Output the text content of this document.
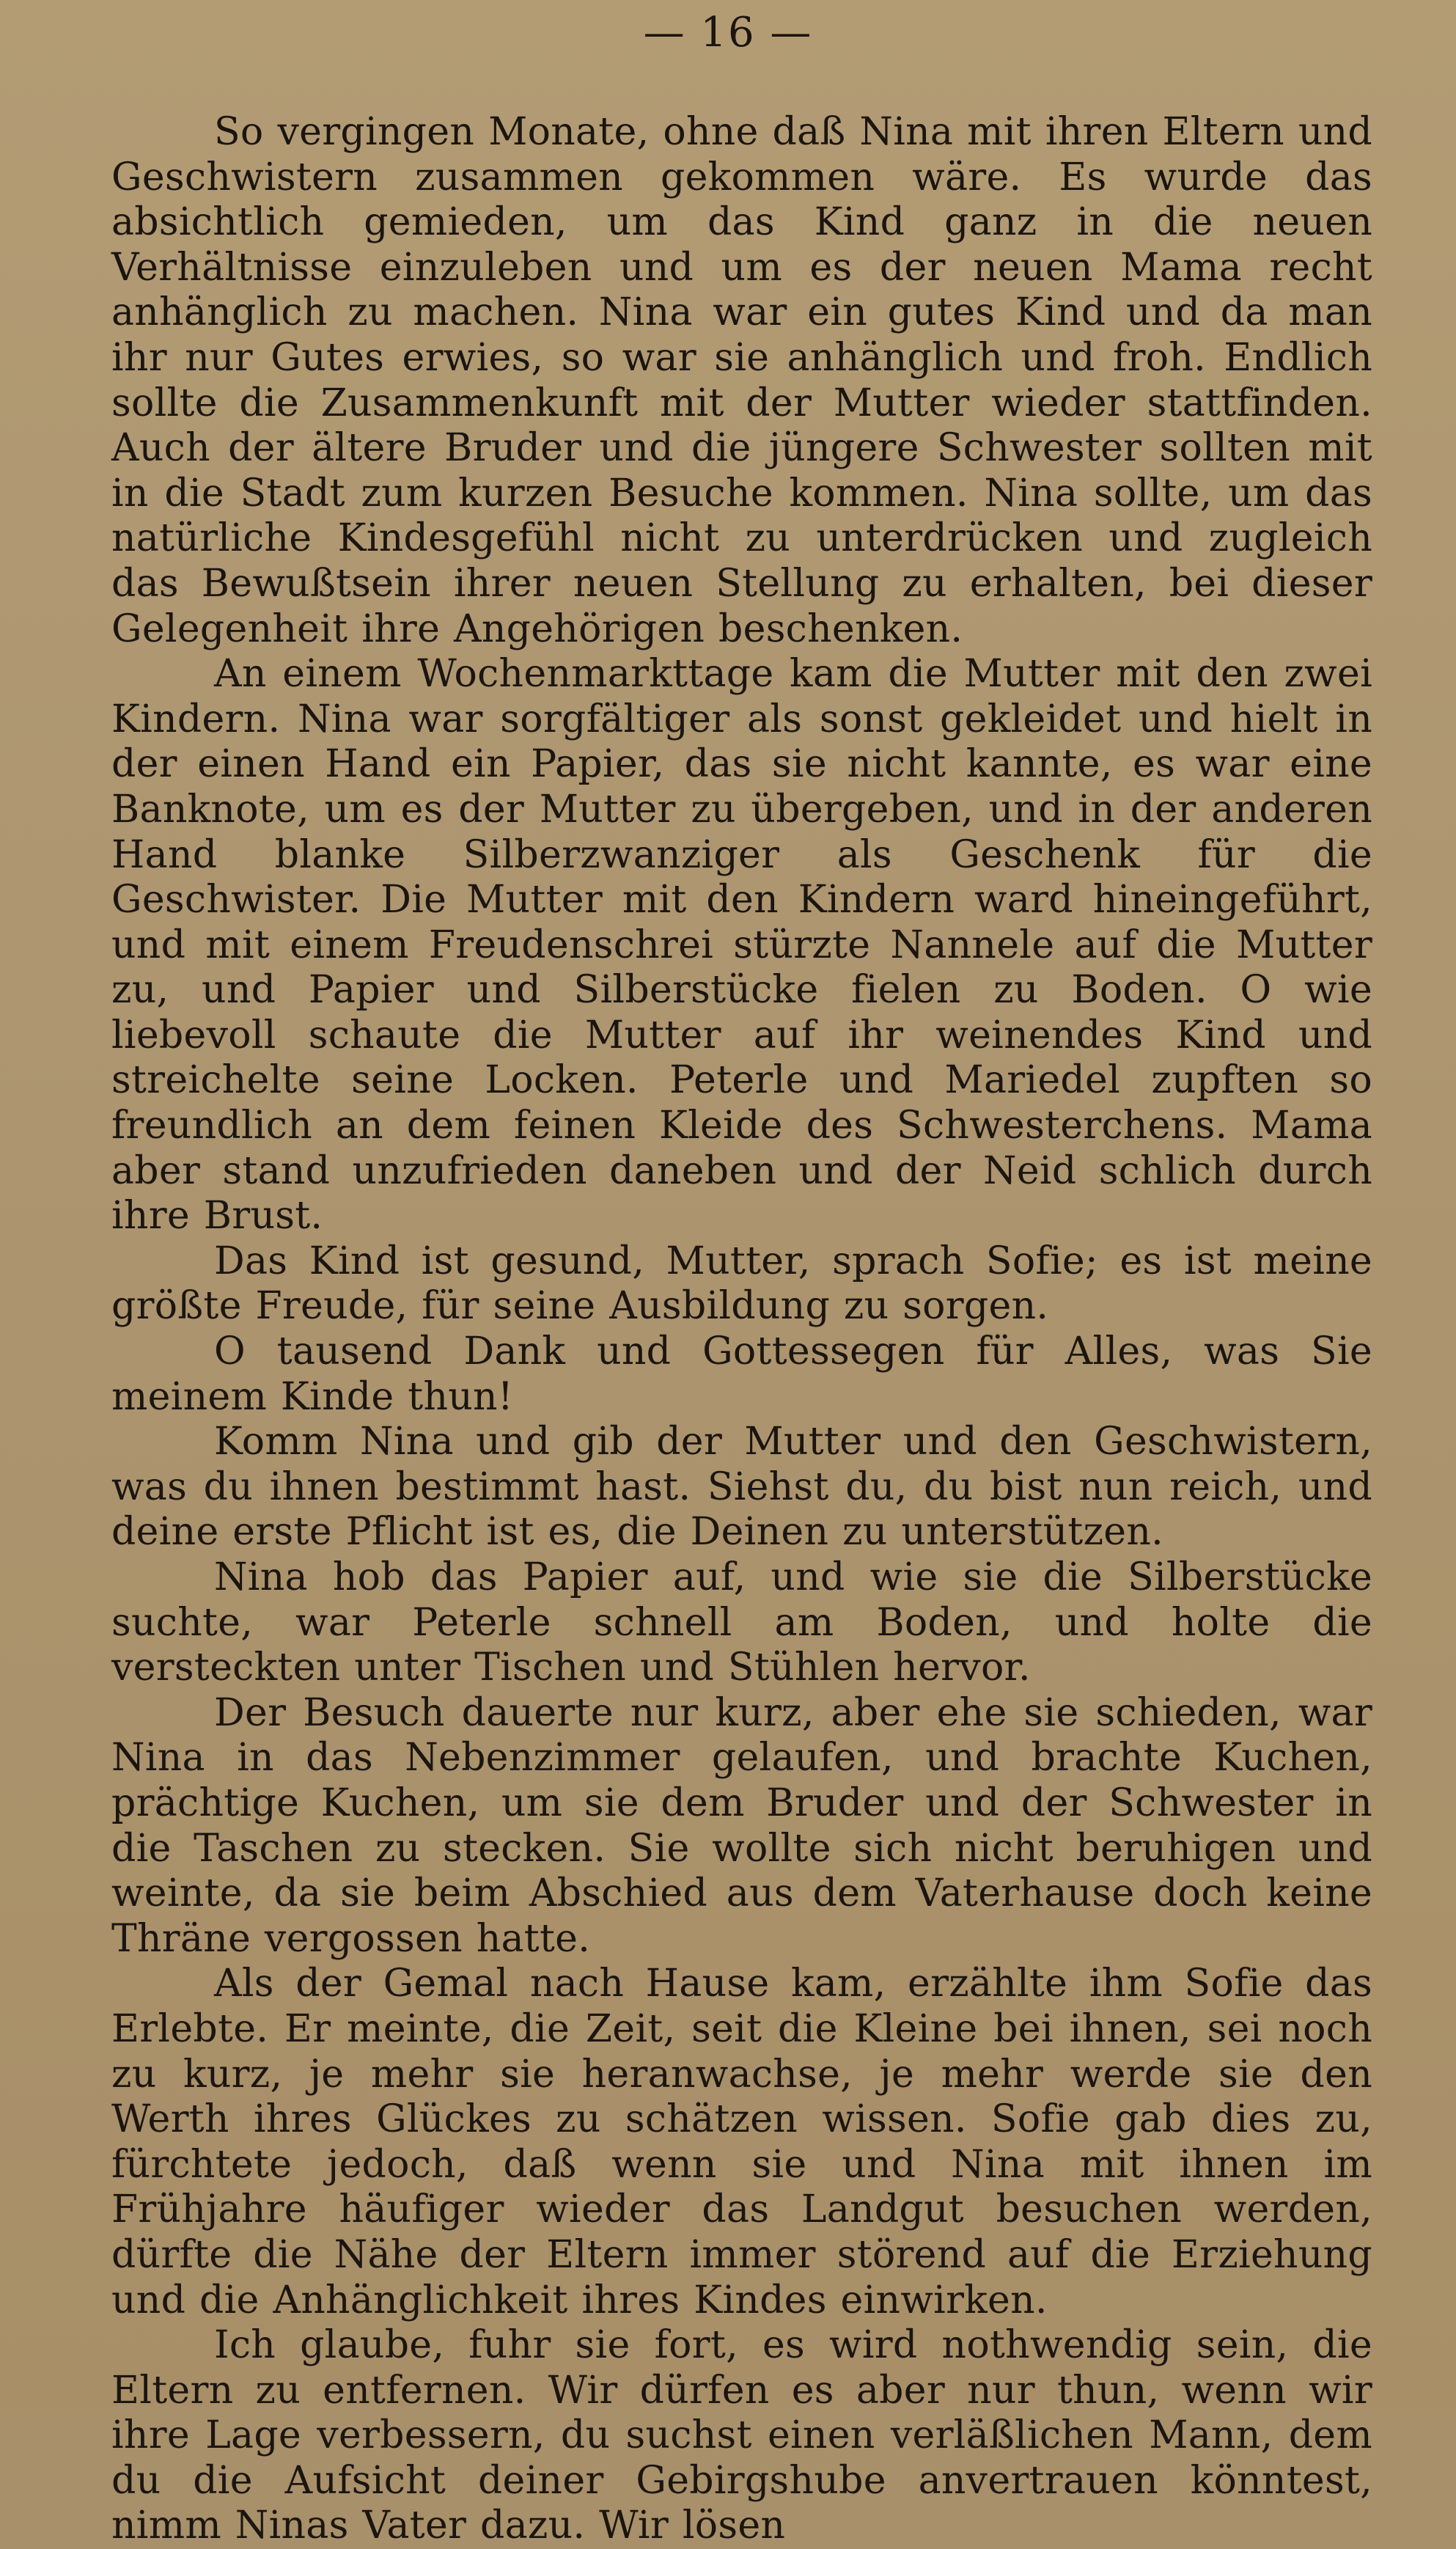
— 16 —

So vergingen Monate, ohne daß Nina mit ihren Eltern und Geschwistern zusammen gekommen wäre. Es wurde das absichtlich gemieden, um das Kind ganz in die neuen Verhältnisse einzuleben und um es der neuen Mama recht anhänglich zu machen. Nina war ein gutes Kind und da man ihr nur Gutes erwies, so war sie anhänglich und froh. Endlich sollte die Zusammenkunft mit der Mutter wieder stattfinden. Auch der ältere Bruder und die jüngere Schwester sollten mit in die Stadt zum kurzen Besuche kommen. Nina sollte, um das natürliche Kindesgefühl nicht zu unterdrücken und zugleich das Bewußtsein ihrer neuen Stellung zu erhalten, bei dieser Gelegenheit ihre Angehörigen beschenken.

An einem Wochenmarkttage kam die Mutter mit den zwei Kindern. Nina war sorgfältiger als sonst gekleidet und hielt in der einen Hand ein Papier, das sie nicht kannte, es war eine Banknote, um es der Mutter zu übergeben, und in der anderen Hand blanke Silberzwanziger als Geschenk für die Geschwister. Die Mutter mit den Kindern ward hineingeführt, und mit einem Freudenschrei stürzte Nannele auf die Mutter zu, und Papier und Silberstücke fielen zu Boden. O wie liebevoll schaute die Mutter auf ihr weinendes Kind und streichelte seine Locken. Peterle und Mariedel zupften so freundlich an dem feinen Kleide des Schwesterchens. Mama aber stand unzufrieden daneben und der Neid schlich durch ihre Brust.

Das Kind ist gesund, Mutter, sprach Sofie; es ist meine größte Freude, für seine Ausbildung zu sorgen.

O tausend Dank und Gottessegen für Alles, was Sie meinem Kinde thun!

Komm Nina und gib der Mutter und den Geschwistern, was du ihnen bestimmt hast. Siehst du, du bist nun reich, und deine erste Pflicht ist es, die Deinen zu unterstützen.

Nina hob das Papier auf, und wie sie die Silberstücke suchte, war Peterle schnell am Boden, und holte die versteckten unter Tischen und Stühlen hervor.

Der Besuch dauerte nur kurz, aber ehe sie schieden, war Nina in das Nebenzimmer gelaufen, und brachte Kuchen, prächtige Kuchen, um sie dem Bruder und der Schwester in die Taschen zu stecken. Sie wollte sich nicht beruhigen und weinte, da sie beim Abschied aus dem Vaterhause doch keine Thräne vergossen hatte.

Als der Gemal nach Hause kam, erzählte ihm Sofie das Erlebte. Er meinte, die Zeit, seit die Kleine bei ihnen, sei noch zu kurz, je mehr sie heranwachse, je mehr werde sie den Werth ihres Glückes zu schätzen wissen. Sofie gab dies zu, fürchtete jedoch, daß wenn sie und Nina mit ihnen im Frühjahre häufiger wieder das Landgut besuchen werden, dürfte die Nähe der Eltern immer störend auf die Erziehung und die Anhänglichkeit ihres Kindes einwirken.

Ich glaube, fuhr sie fort, es wird nothwendig sein, die Eltern zu entfernen. Wir dürfen es aber nur thun, wenn wir ihre Lage verbessern, du suchst einen verläßlichen Mann, dem du die Aufsicht deiner Gebirgshube anvertrauen könntest, nimm Ninas Vater dazu. Wir lösen
